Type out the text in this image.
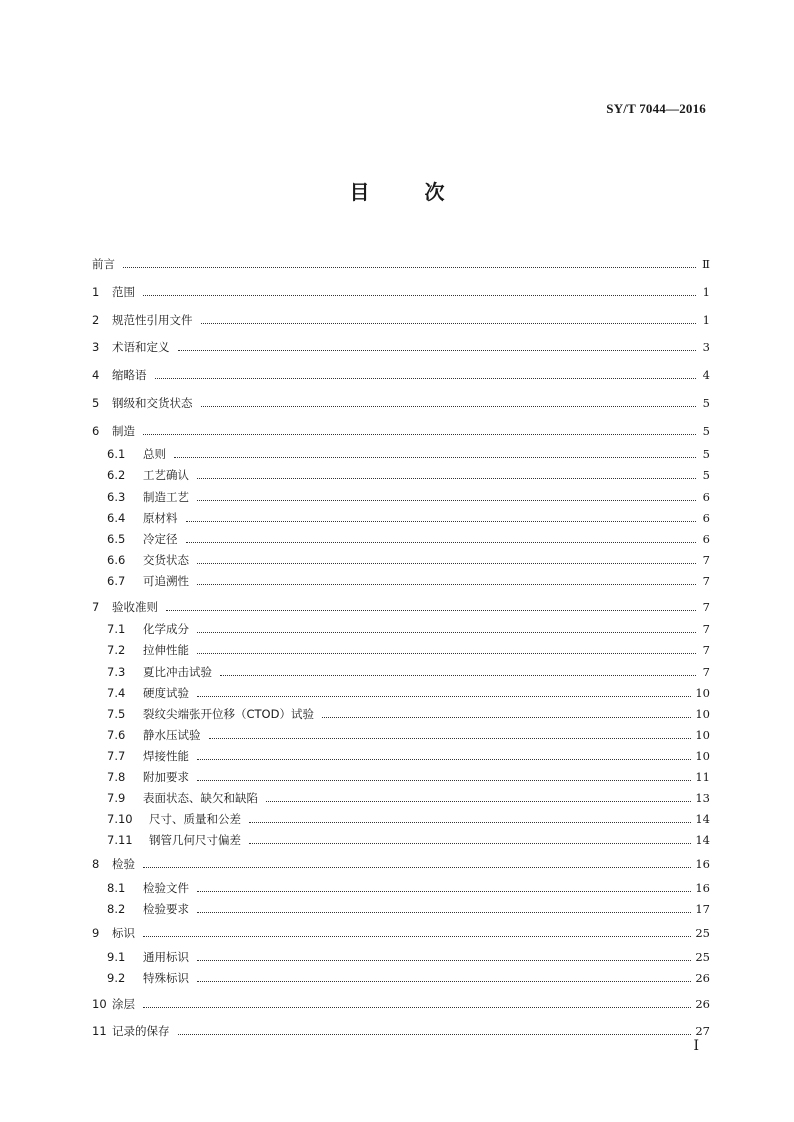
SY/T 7044—2016
目 次
前言	Ⅱ
1	范围	1
2	规范性引用文件	1
3	术语和定义	3
4	缩略语	4
5	钢级和交货状态	5
6	制造	5
6.1	总则	5
6.2	工艺确认	5
6.3	制造工艺	6
6.4	原材料	6
6.5	冷定径	6
6.6	交货状态	7
6.7	可追溯性	7
7	验收准则	7
7.1	化学成分	7
7.2	拉伸性能	7
7.3	夏比冲击试验	7
7.4	硬度试验	10
7.5	裂纹尖端张开位移（CTOD）试验	10
7.6	静水压试验	10
7.7	焊接性能	10
7.8	附加要求	11
7.9	表面状态、缺欠和缺陷	13
7.10	尺寸、质量和公差	14
7.11	钢管几何尺寸偏差	14
8	检验	16
8.1	检验文件	16
8.2	检验要求	17
9	标识	25
9.1	通用标识	25
9.2	特殊标识	26
10 涂层	26
11 记录的保存	27
Ⅰ
